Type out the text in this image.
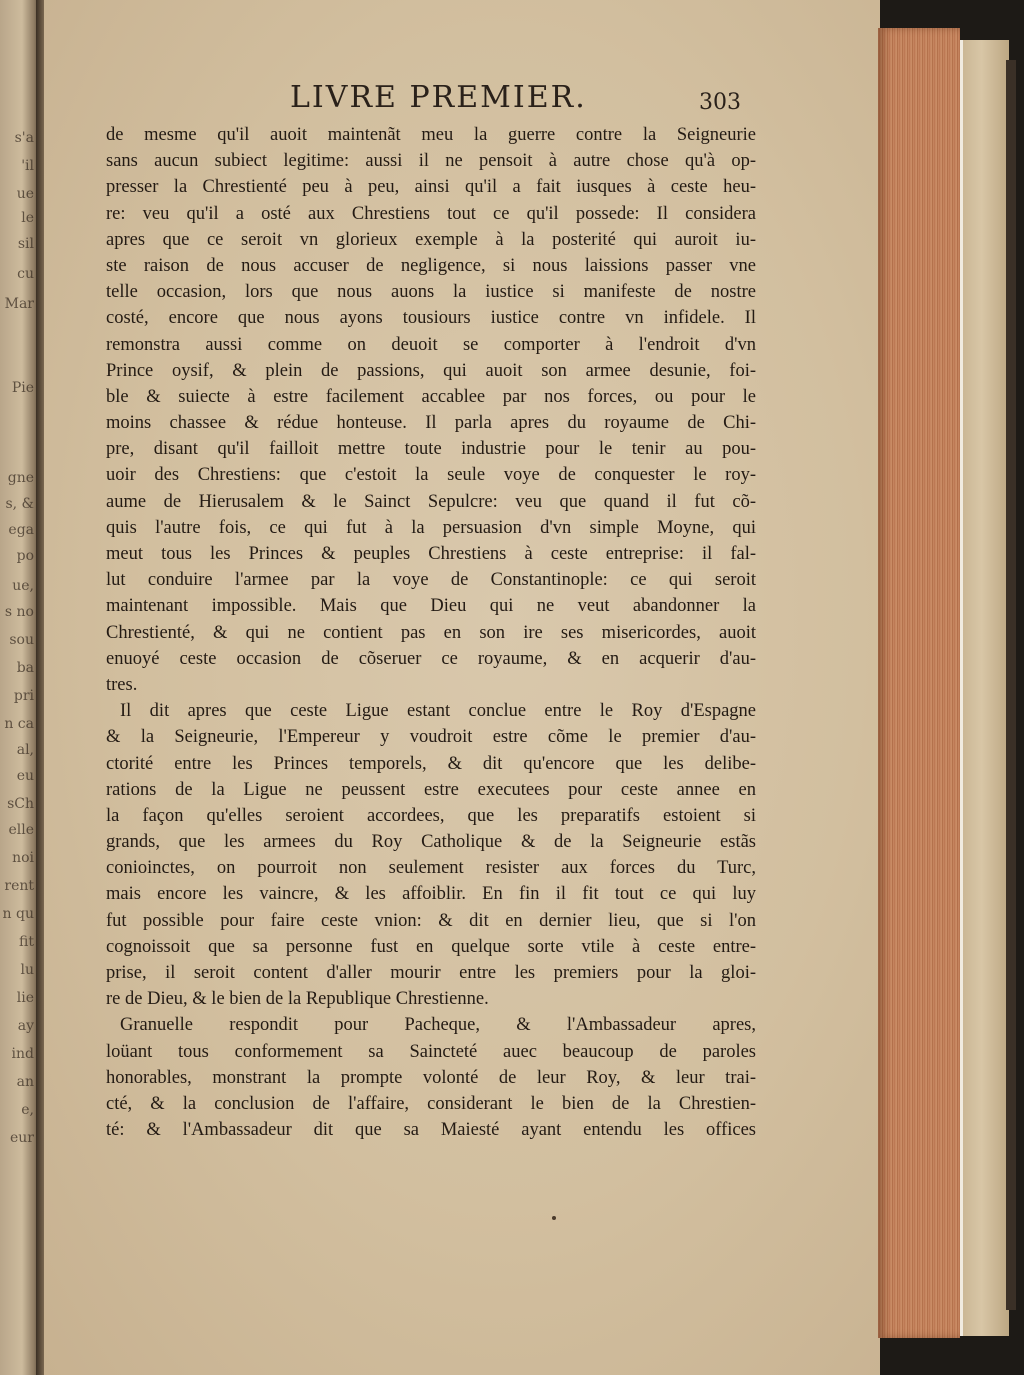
s'a
'il
ue
le
sil
cu
Mar
Pie
gne
s, &
ega
po
ue,
s no
sou
ba
pri
n ca
al,
eu
sCh
elle
noi
rent
n qu
fit
lu
lie
ay
ind
an
e,
eur
LIVRE PREMIER.	303
de mesme qu'il auoit maintenãt meu la guerre contre la Seigneurie
sans aucun subiect legitime: aussi il ne pensoit à autre chose qu'à op-
presser la Chrestienté peu à peu, ainsi qu'il a fait iusques à ceste heu-
re: veu qu'il a osté aux Chrestiens tout ce qu'il possede: Il considera
apres que ce seroit vn glorieux exemple à la posterité qui auroit iu-
ste raison de nous accuser de negligence, si nous laissions passer vne
telle occasion, lors que nous auons la iustice si manifeste de nostre
costé, encore que nous ayons tousiours iustice contre vn infidele. Il
remonstra aussi comme on deuoit se comporter à l'endroit d'vn
Prince oysif, & plein de passions, qui auoit son armee desunie, foi-
ble & suiecte à estre facilement accablee par nos forces, ou pour le
moins chassee & rédue honteuse. Il parla apres du royaume de Chi-
pre, disant qu'il failloit mettre toute industrie pour le tenir au pou-
uoir des Chrestiens: que c'estoit la seule voye de conquester le roy-
aume de Hierusalem & le Sainct Sepulcre: veu que quand il fut cõ-
quis l'autre fois, ce qui fut à la persuasion d'vn simple Moyne, qui
meut tous les Princes & peuples Chrestiens à ceste entreprise: il fal-
lut conduire l'armee par la voye de Constantinople: ce qui seroit
maintenant impossible. Mais que Dieu qui ne veut abandonner la
Chrestienté, & qui ne contient pas en son ire ses misericordes, auoit
enuoyé ceste occasion de cõseruer ce royaume, & en acquerir d'au-
tres.
Il dit apres que ceste Ligue estant conclue entre le Roy d'Espagne
& la Seigneurie, l'Empereur y voudroit estre cõme le premier d'au-
ctorité entre les Princes temporels, & dit qu'encore que les delibe-
rations de la Ligue ne peussent estre executees pour ceste annee en
la façon qu'elles seroient accordees, que les preparatifs estoient si
grands, que les armees du Roy Catholique & de la Seigneurie estãs
conioinctes, on pourroit non seulement resister aux forces du Turc,
mais encore les vaincre, & les affoiblir. En fin il fit tout ce qui luy
fut possible pour faire ceste vnion: & dit en dernier lieu, que si l'on
cognoissoit que sa personne fust en quelque sorte vtile à ceste entre-
prise, il seroit content d'aller mourir entre les premiers pour la gloi-
re de Dieu, & le bien de la Republique Chrestienne.
Granuelle respondit pour Pacheque, & l'Ambassadeur apres,
loüant tous conformement sa Saincteté auec beaucoup de paroles
honorables, monstrant la prompte volonté de leur Roy, & leur trai-
cté, & la conclusion de l'affaire, considerant le bien de la Chrestien-
té: & l'Ambassadeur dit que sa Maiesté ayant entendu les offices
